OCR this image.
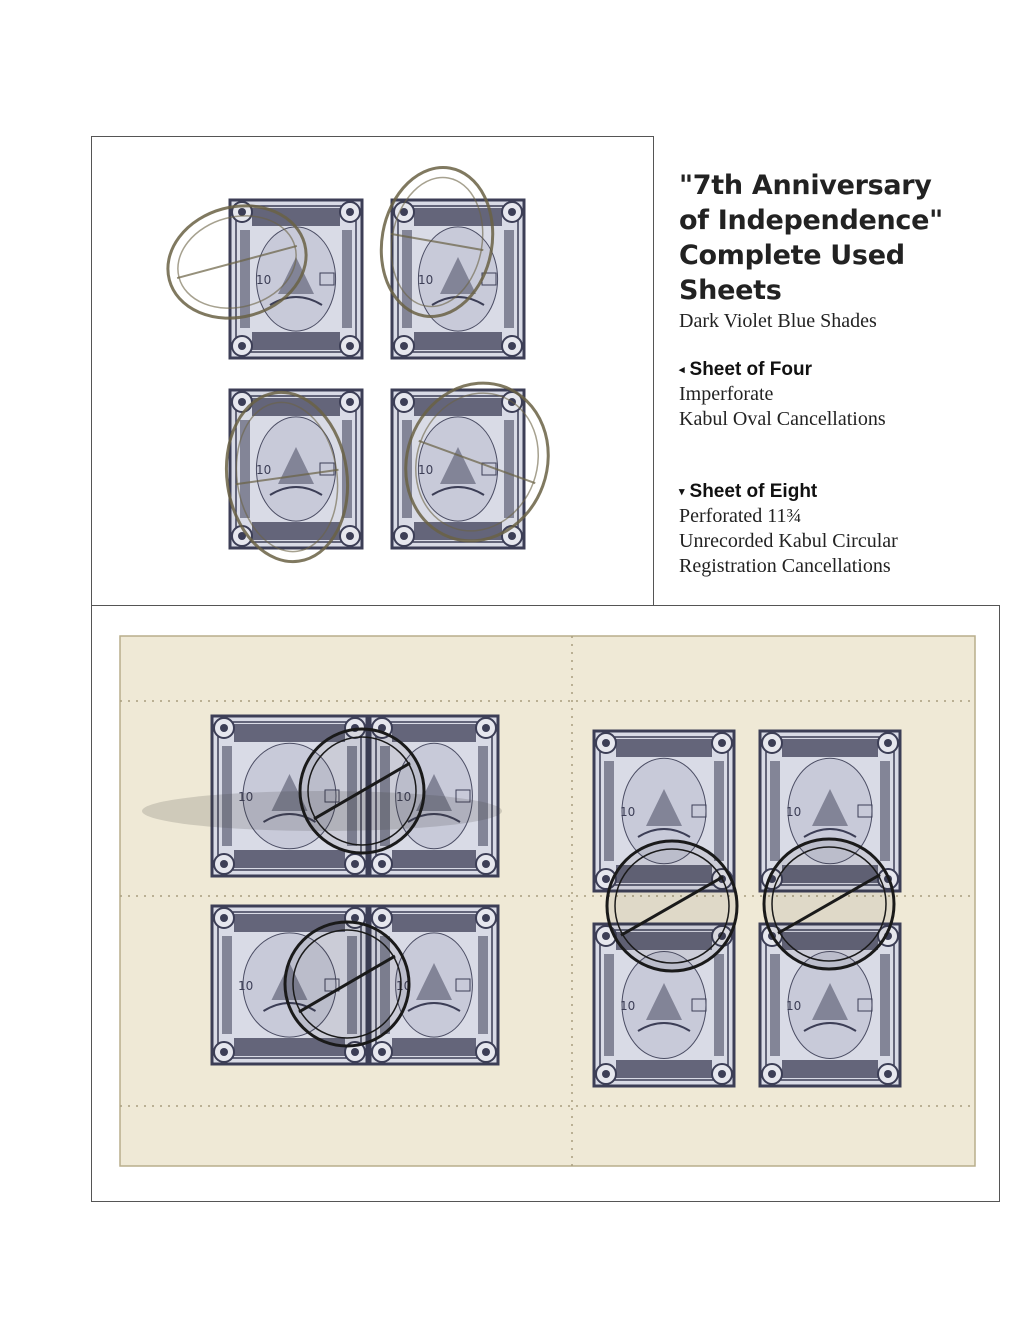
10	10
10	10
10
10	10
10	10
"7th Anniversary
of Independence"
Complete Used Sheets
Dark Violet Blue Shades
◂ Sheet of Four
Imperforate
Kabul Oval Cancellations
▾ Sheet of Eight
Perforated 11¾
Unrecorded Kabul Circular
Registration Cancellations
